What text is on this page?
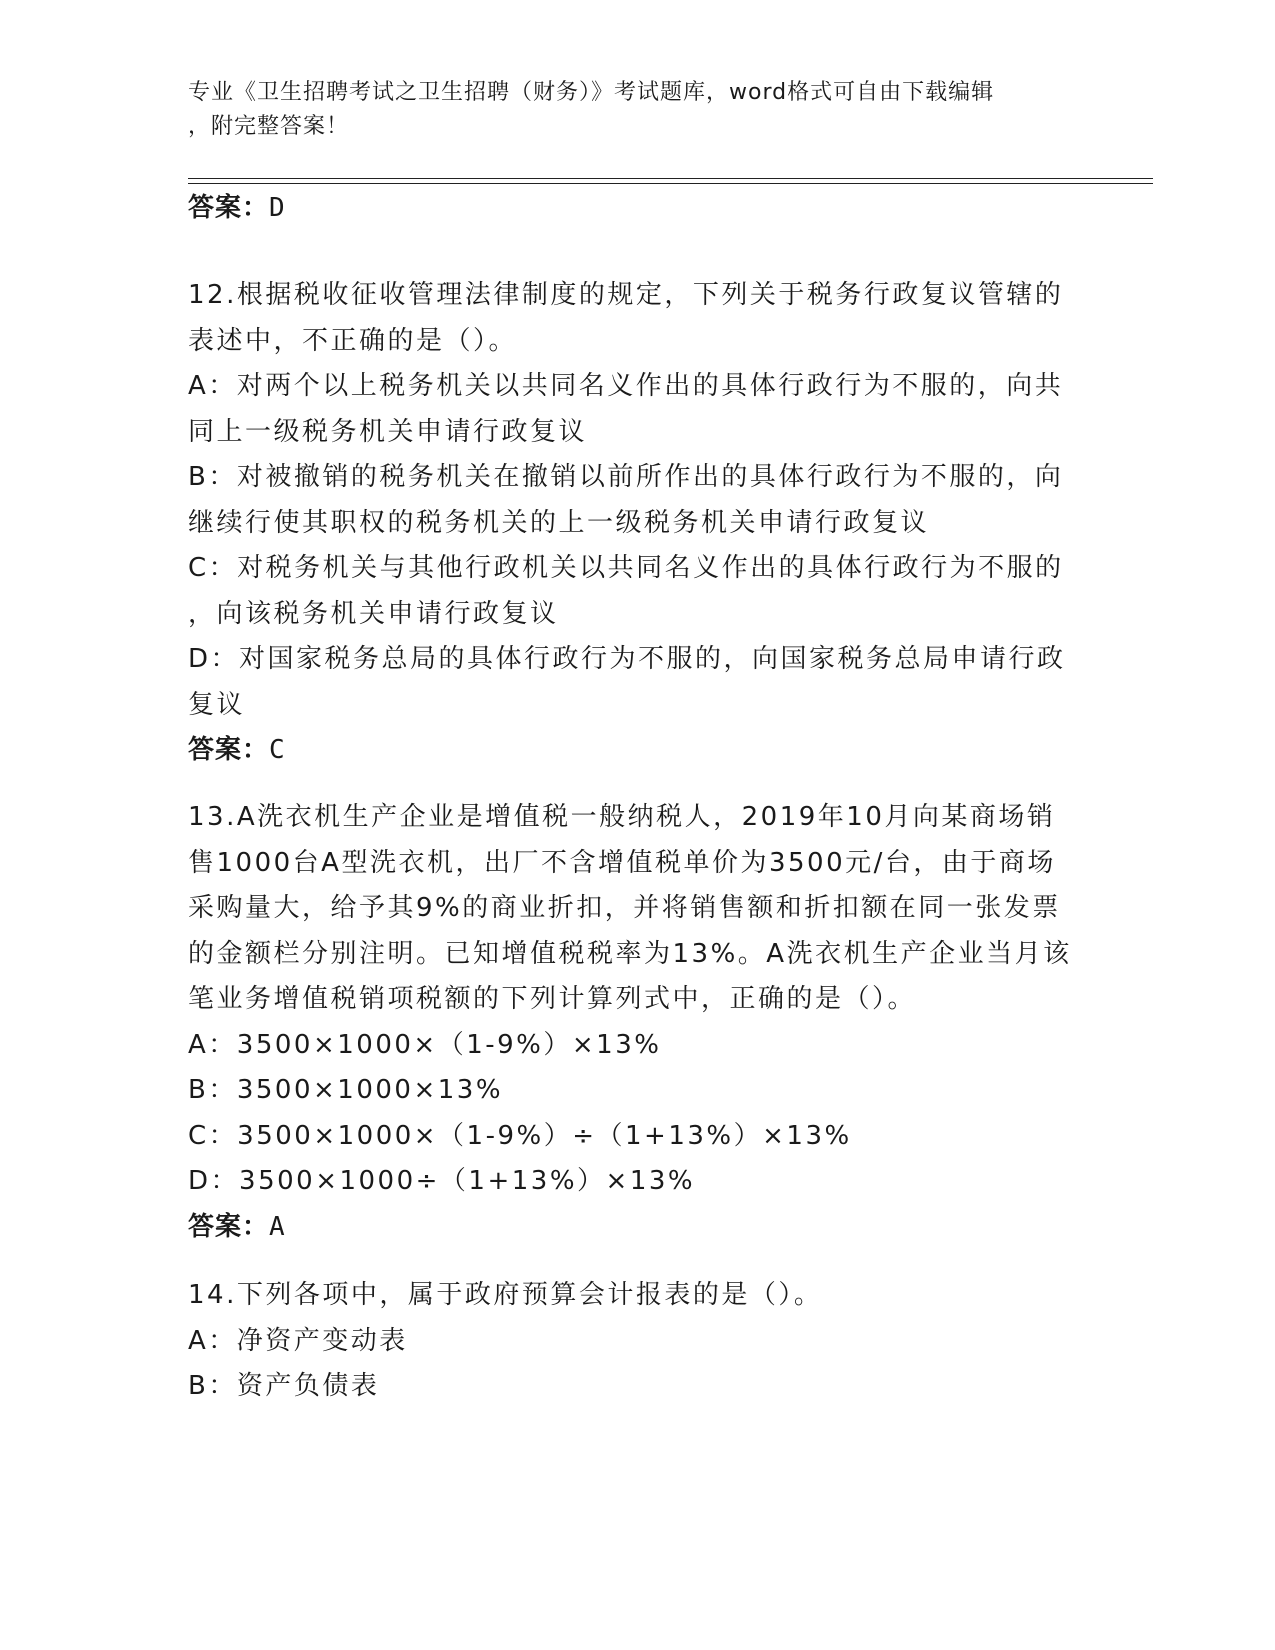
专业《卫生招聘考试之卫生招聘（财务）》考试题库，word格式可自由下载编辑
，附完整答案！
答案：D
12.根据税收征收管理法律制度的规定，下列关于税务行政复议管辖的
表述中，不正确的是（）。
A：对两个以上税务机关以共同名义作出的具体行政行为不服的，向共
同上一级税务机关申请行政复议
B：对被撤销的税务机关在撤销以前所作出的具体行政行为不服的，向
继续行使其职权的税务机关的上一级税务机关申请行政复议
C：对税务机关与其他行政机关以共同名义作出的具体行政行为不服的
，向该税务机关申请行政复议
D：对国家税务总局的具体行政行为不服的，向国家税务总局申请行政
复议
答案：C
13.A洗衣机生产企业是增值税一般纳税人，2019年10月向某商场销
售1000台A型洗衣机，出厂不含增值税单价为3500元/台，由于商场
采购量大，给予其9%的商业折扣，并将销售额和折扣额在同一张发票
的金额栏分别注明。已知增值税税率为13%。A洗衣机生产企业当月该
笔业务增值税销项税额的下列计算列式中，正确的是（）。
A：3500×1000×（1-9%）×13%
B：3500×1000×13%
C：3500×1000×（1-9%）÷（1+13%）×13%
D：3500×1000÷（1+13%）×13%
答案：A
14.下列各项中，属于政府预算会计报表的是（）。
A：净资产变动表
B：资产负债表
